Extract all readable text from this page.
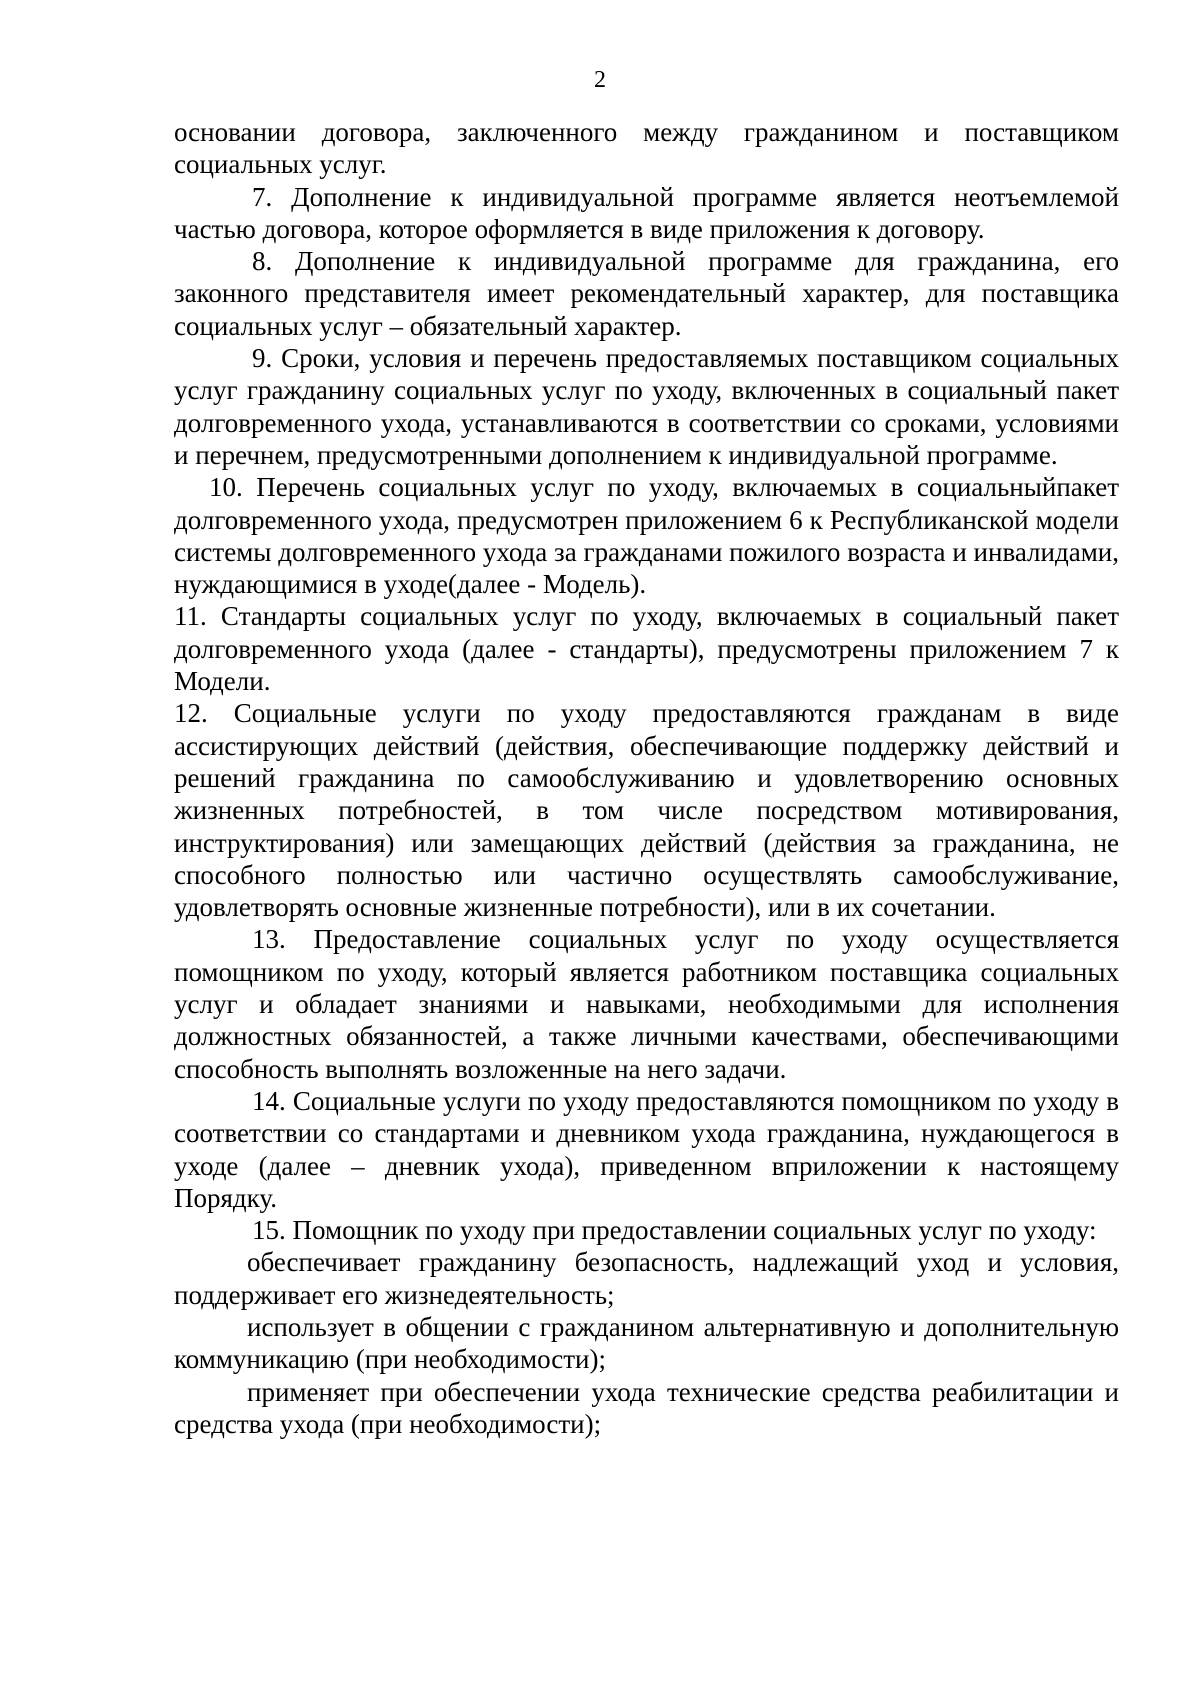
2

основании договора, заключенного между гражданином и поставщиком социальных услуг.

7. Дополнение к индивидуальной программе является неотъемлемой частью договора, которое оформляется в виде приложения к договору.

8. Дополнение к индивидуальной программе для гражданина, его законного представителя имеет рекомендательный характер, для поставщика социальных услуг – обязательный характер.

9. Сроки, условия и перечень предоставляемых поставщиком социальных услуг гражданину социальных услуг по уходу, включенных в социальный пакет долговременного ухода, устанавливаются в соответствии со сроками, условиями и перечнем, предусмотренными дополнением к индивидуальной программе.

10. Перечень социальных услуг по уходу, включаемых в социальныйпакет долговременного ухода, предусмотрен приложением 6 к Республиканской модели системы долговременного ухода за гражданами пожилого возраста и инвалидами, нуждающимися в уходе(далее - Модель).

11. Стандарты социальных услуг по уходу, включаемых в социальный пакет долговременного ухода (далее - стандарты), предусмотрены приложением 7 к Модели.

12. Социальные услуги по уходу предоставляются гражданам в виде ассистирующих действий (действия, обеспечивающие поддержку действий и решений гражданина по самообслуживанию и удовлетворению основных жизненных потребностей, в том числе посредством мотивирования, инструктирования) или замещающих действий (действия за гражданина, не способного полностью или частично осуществлять самообслуживание, удовлетворять основные жизненные потребности), или в их сочетании.

13. Предоставление социальных услуг по уходу осуществляется помощником по уходу, который является работником поставщика социальных услуг и обладает знаниями и навыками, необходимыми для исполнения должностных обязанностей, а также личными качествами, обеспечивающими способность выполнять возложенные на него задачи.

14. Социальные услуги по уходу предоставляются помощником по уходу в соответствии со стандартами и дневником ухода гражданина, нуждающегося в уходе (далее – дневник ухода), приведенном вприложении к настоящему Порядку.

15. Помощник по уходу при предоставлении социальных услуг по уходу:

обеспечивает гражданину безопасность, надлежащий уход и условия, поддерживает его жизнедеятельность;

использует в общении с гражданином альтернативную и дополнительную коммуникацию (при необходимости);

применяет при обеспечении ухода технические средства реабилитации и средства ухода (при необходимости);
